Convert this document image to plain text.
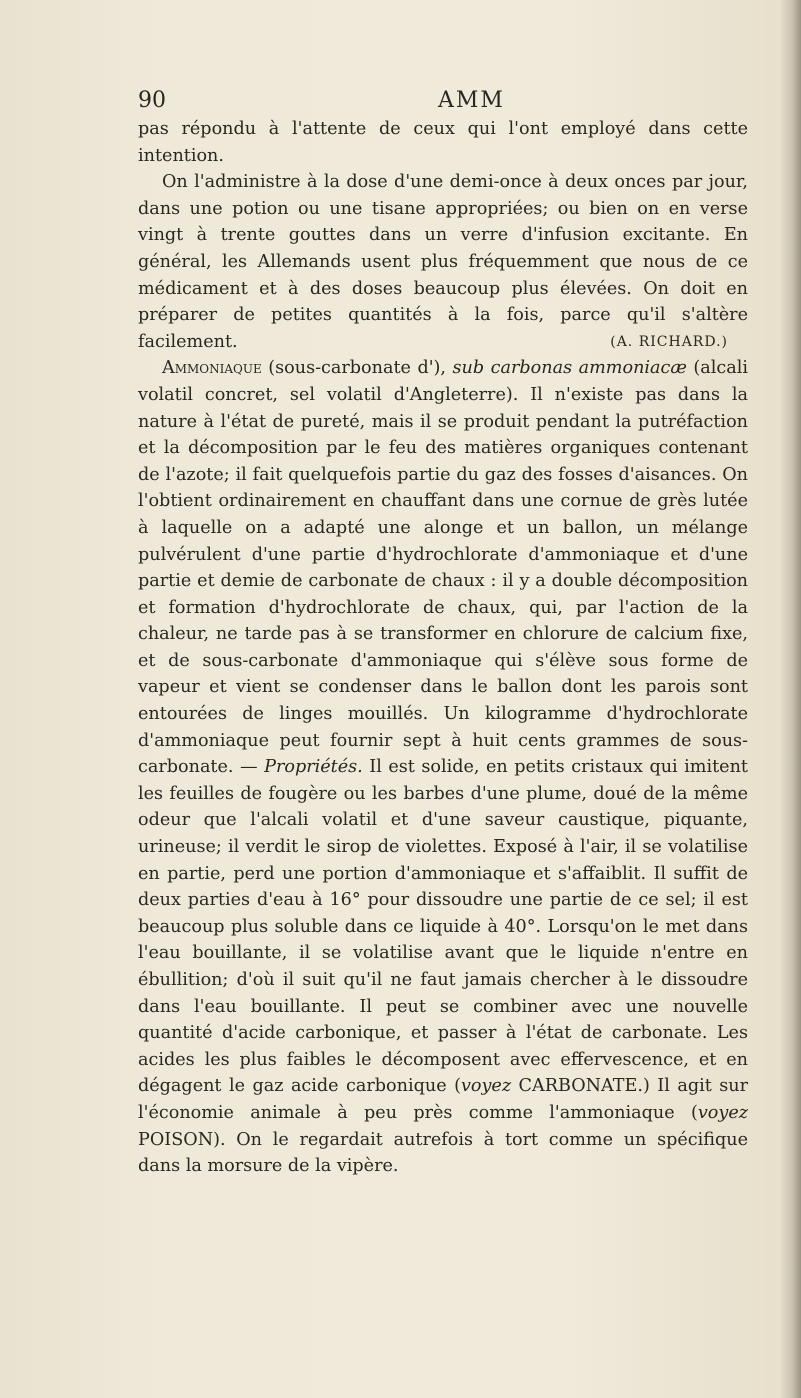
90	AMM

pas répondu à l'attente de ceux qui l'ont employé dans cette intention.

On l'administre à la dose d'une demi-once à deux onces par jour, dans une potion ou une tisane appropriées; ou bien on en verse vingt à trente gouttes dans un verre d'infusion excitante. En général, les Allemands usent plus fréquemment que nous de ce médicament et à des doses beaucoup plus élevées. On doit en préparer de petites quantités à la fois, parce qu'il s'altère facilement.	(A. RICHARD.)

Ammoniaque (sous-carbonate d'), sub carbonas ammoniacæ (alcali volatil concret, sel volatil d'Angleterre). Il n'existe pas dans la nature à l'état de pureté, mais il se produit pendant la putréfaction et la décomposition par le feu des matières organiques contenant de l'azote; il fait quelquefois partie du gaz des fosses d'aisances. On l'obtient ordinairement en chauffant dans une cornue de grès lutée à laquelle on a adapté une alonge et un ballon, un mélange pulvérulent d'une partie d'hydrochlorate d'ammoniaque et d'une partie et demie de carbonate de chaux : il y a double décomposition et formation d'hydrochlorate de chaux, qui, par l'action de la chaleur, ne tarde pas à se transformer en chlorure de calcium fixe, et de sous-carbonate d'ammoniaque qui s'élève sous forme de vapeur et vient se condenser dans le ballon dont les parois sont entourées de linges mouillés. Un kilogramme d'hydrochlorate d'ammoniaque peut fournir sept à huit cents grammes de sous-carbonate. — Propriétés. Il est solide, en petits cristaux qui imitent les feuilles de fougère ou les barbes d'une plume, doué de la même odeur que l'alcali volatil et d'une saveur caustique, piquante, urineuse; il verdit le sirop de violettes. Exposé à l'air, il se volatilise en partie, perd une portion d'ammoniaque et s'affaiblit. Il suffit de deux parties d'eau à 16° pour dissoudre une partie de ce sel; il est beaucoup plus soluble dans ce liquide à 40°. Lorsqu'on le met dans l'eau bouillante, il se volatilise avant que le liquide n'entre en ébullition; d'où il suit qu'il ne faut jamais chercher à le dissoudre dans l'eau bouillante. Il peut se combiner avec une nouvelle quantité d'acide carbonique, et passer à l'état de carbonate. Les acides les plus faibles le décomposent avec effervescence, et en dégagent le gaz acide carbonique (voyez CARBONATE.) Il agit sur l'économie animale à peu près comme l'ammoniaque (voyez POISON). On le regardait autrefois à tort comme un spécifique dans la morsure de la vipère.
